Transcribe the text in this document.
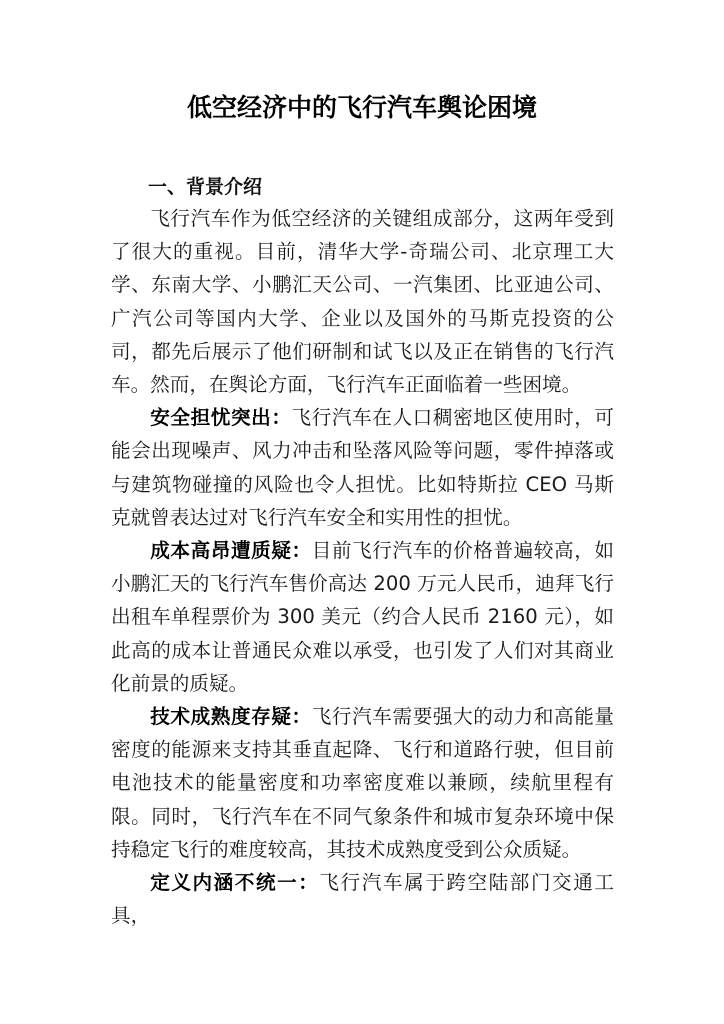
低空经济中的飞行汽车舆论困境
一、背景介绍

飞行汽车作为低空经济的关键组成部分，这两年受到了很大的重视。目前，清华大学-奇瑞公司、北京理工大学、东南大学、小鹏汇天公司、一汽集团、比亚迪公司、广汽公司等国内大学、企业以及国外的马斯克投资的公司，都先后展示了他们研制和试飞以及正在销售的飞行汽车。然而，在舆论方面，飞行汽车正面临着一些困境。

安全担忧突出：飞行汽车在人口稠密地区使用时，可能会出现噪声、风力冲击和坠落风险等问题，零件掉落或与建筑物碰撞的风险也令人担忧。比如特斯拉 CEO 马斯克就曾表达过对飞行汽车安全和实用性的担忧。

成本高昂遭质疑：目前飞行汽车的价格普遍较高，如小鹏汇天的飞行汽车售价高达 200 万元人民币，迪拜飞行出租车单程票价为 300 美元（约合人民币 2160 元），如此高的成本让普通民众难以承受，也引发了人们对其商业化前景的质疑。

技术成熟度存疑：飞行汽车需要强大的动力和高能量密度的能源来支持其垂直起降、飞行和道路行驶，但目前电池技术的能量密度和功率密度难以兼顾，续航里程有限。同时，飞行汽车在不同气象条件和城市复杂环境中保持稳定飞行的难度较高，其技术成熟度受到公众质疑。

定义内涵不统一：飞行汽车属于跨空陆部门交通工具，
